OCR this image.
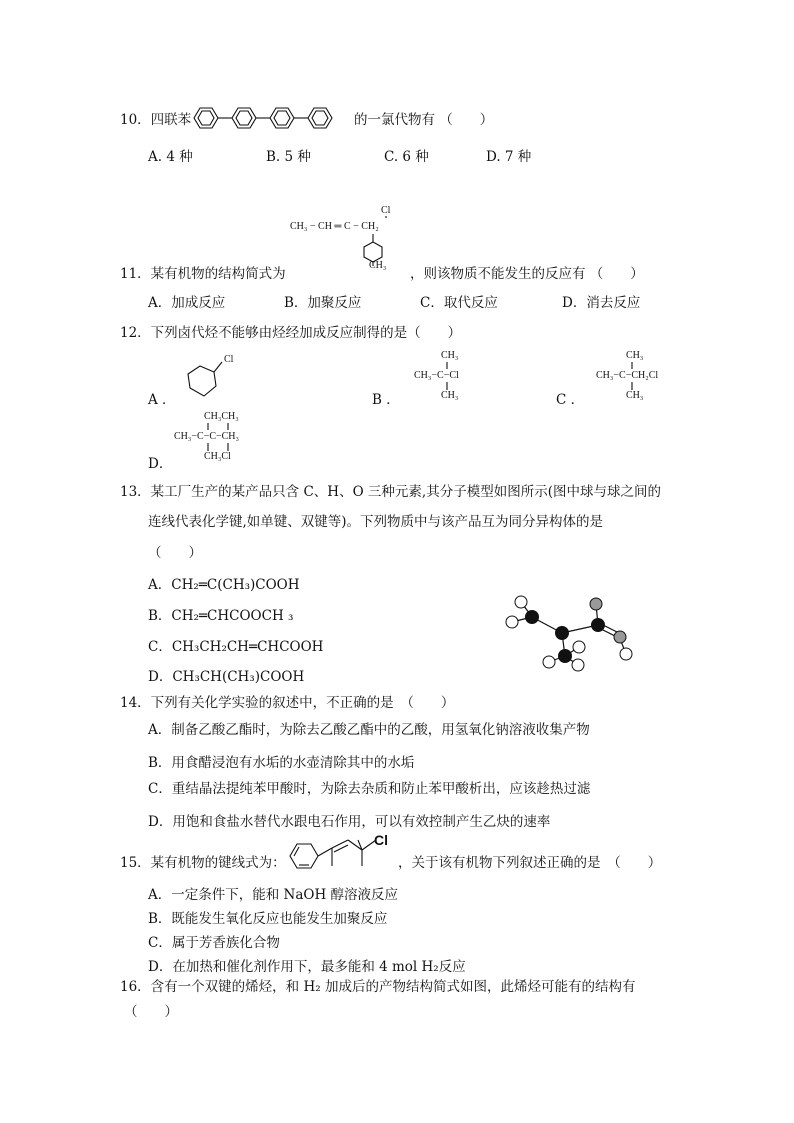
10．四联苯	的一氯代物有 （　　）
A. 4 种	B. 5 种	C. 6 种	D. 7 种
Cl
CH₃ − CH ═ C − CH₂
CH₃
11．某有机物的结构简式为	，则该物质不能发生的反应有 （　　）
A．加成反应	B．加聚反应	C．取代反应	D．消去反应
12．下列卤代烃不能够由烃经加成反应制得的是（　　）
A ．
Cl
B ．
CH₃
CH₃−C−Cl
CH₃	C ．
CH₃
CH₃−C−CH₂Cl
CH₃
D．
CH₃CH₃
CH₃−C−C−CH₃
CH₃Cl
13．某工厂生产的某产品只含 C、H、O 三种元素,其分子模型如图所示(图中球与球之间的
连线代表化学键,如单键、双键等)。下列物质中与该产品互为同分异构体的是
（　　）
A．CH₂═C(CH₃)COOH
B．CH₂═CHCOOCH ₃
C．CH₃CH₂CH═CHCOOH
D．CH₃CH(CH₃)COOH
14．下列有关化学实验的叙述中，不正确的是　（　　）
A．制备乙酸乙酯时，为除去乙酸乙酯中的乙酸，用氢氧化钠溶液收集产物
B．用食醋浸泡有水垢的水壶清除其中的水垢
C．重结晶法提纯苯甲酸时，为除去杂质和防止苯甲酸析出，应该趁热过滤
D．用饱和食盐水替代水跟电石作用，可以有效控制产生乙炔的速率
15．某有机物的键线式为：
Cl
，关于该有机物下列叙述正确的是　（　　）
A．一定条件下，能和 NaOH 醇溶液反应
B．既能发生氧化反应也能发生加聚反应
C．属于芳香族化合物
D．在加热和催化剂作用下，最多能和 4 mol H₂反应
16．含有一个双键的烯烃，和 H₂ 加成后的产物结构简式如图，此烯烃可能有的结构有
（　　）
